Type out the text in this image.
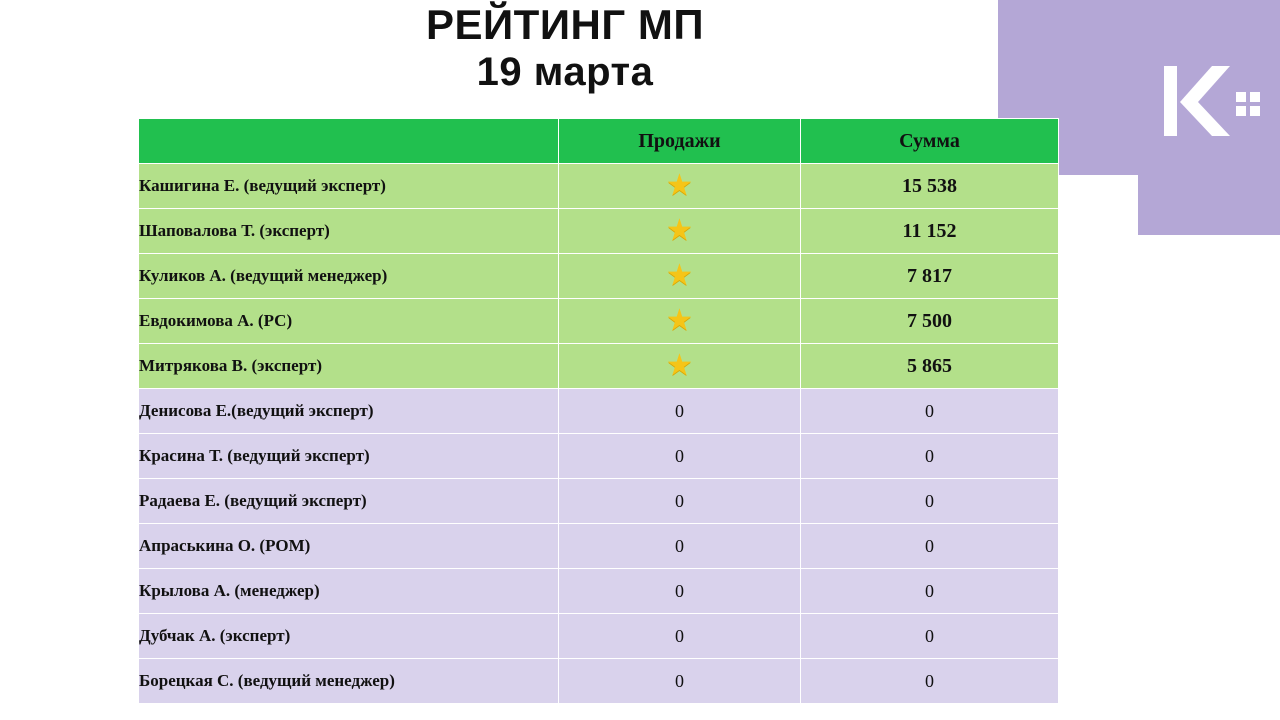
РЕЙТИНГ МП
19 марта
	Продажи	Сумма
Кашигина Е. (ведущий эксперт)	★	15 538
Шаповалова Т. (эксперт)	★	11 152
Куликов А. (ведущий менеджер)	★	7 817
Евдокимова А. (РС)	★	7 500
Митрякова В. (эксперт)	★	5 865
Денисова Е.(ведущий эксперт)	0	0
Красина Т. (ведущий эксперт)	0	0
Радаева Е. (ведущий эксперт)	0	0
Апраськина О. (РОМ)	0	0
Крылова А. (менеджер)	0	0
Дубчак А. (эксперт)	0	0
Борецкая С. (ведущий менеджер)	0	0
